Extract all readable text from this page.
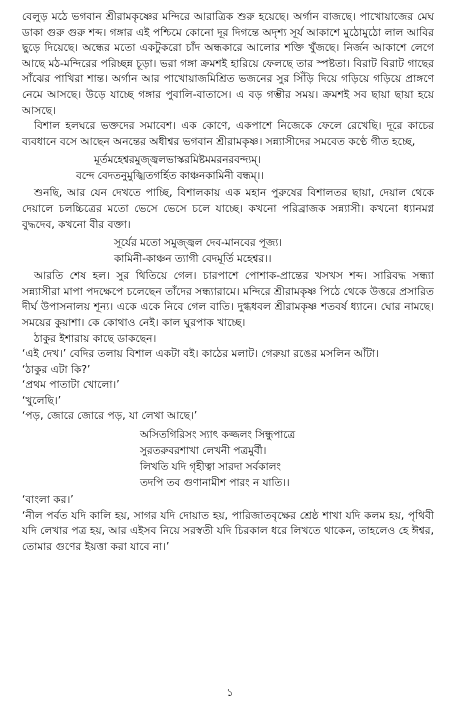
বেলুড় মঠে ভগবান শ্রীরামকৃষ্ণের মন্দিরে আরাত্রিক শুরু হয়েছে। অর্গান বাজছে। পাখোয়াজের মেঘ ডাকা গুরু গুরু শব্দ। গঙ্গার এই পশ্চিমে কোনো দূর দিগন্তে অদৃশ্য সূর্য আকাশে মুঠোমুঠো লাল আবির ছুড়ে দিয়েছে। অন্ধের মতো একটুকরো চাঁদ অন্ধকারে আলোর শক্তি খুঁজছে। নির্জন আকাশে লেগে আছে মঠ-মন্দিরের পরিচ্ছন্ন চূড়া। ভরা গঙ্গা ক্রমশই হারিয়ে ফেলছে তার স্পষ্টতা। বিরাট বিরাট গাছের সাঁঝের পাখিরা শান্ত। অর্গান আর পাখোয়াজমিশ্রিত ভজনের সুর সিঁড়ি দিয়ে গড়িয়ে গড়িয়ে প্রাঙ্গণে নেমে আসছে। উড়ে যাচ্ছে গঙ্গার পুবালি-বাতাসে। এ বড় গম্ভীর সময়। ক্রমশই সব ছায়া ছায়া হয়ে আসছে।

বিশাল হলঘরে ভক্তদের সমাবেশ। এক কোণে, একপাশে নিজেকে ফেলে রেখেছি। দূরে কাচের ব্যবধানে বসে আছেন অনন্তের অধীশ্বর ভগবান শ্রীরামকৃষ্ণ। সন্ন্যাসীদের সমবেত কণ্ঠে গীত হচ্ছে,

মূর্তমহেশ্বরমুজ্জ্বলভাস্করমিষ্টমমরনরবন্দ্যম্।
বন্দে বেদতনুমুজ্ঝিতগর্হিত কাঞ্চনকামিনী বন্ধম্।।

শুনছি, আর যেন দেখতে পাচ্ছি, বিশালকায় এক মহান পুরুষের বিশালতর ছায়া, দেয়াল থেকে দেয়ালে চলচ্চিত্রের মতো ভেসে ভেসে চলে যাচ্ছে। কখনো পরিব্রাজক সন্ন্যাসী। কখনো ধ্যানমগ্ন বুদ্ধদেব, কখনো বীর বক্তা।

সূর্যের মতো সমুজ্জ্বল দেব-মানবের পূজ্য।
কামিনী-কাঞ্চন ত্যাগী বেদমূর্তি মহেশ্বর।।

আরতি শেষ হল। সুর থিতিয়ে গেল। চারপাশে পোশাক-প্রান্তের খসখস শব্দ। সারিবদ্ধ সন্ধ্যা সন্ন্যাসীরা মাপা পদক্ষেপে চলেছেন তাঁদের সন্ধ্যারামে। মন্দিরে শ্রীরামকৃষ্ণ পিঠে থেকে উত্তরে প্রসারিত দীর্ঘ উপাসনালয় শূন্য। একে একে নিবে গেল বাতি। দুগ্ধধবল শ্রীরামকৃষ্ণ শতবর্ষ ধ্যানে। ঘোর নামছে। সময়ের কুয়াশা। কে কোথাও নেই। কাল ঘুরপাক খাচ্ছে।

ঠাকুর ইশারায় কাছে ডাকছেন।

‘এই দেখ।’ বেদির তলায় বিশাল একটা বই। কাঠের মলাট। গেরুয়া রঙের মসলিন আঁটা।

‘ঠাকুর এটা কি?’

‘প্রথম পাতাটা খোলো।’

‘খুলেছি।’

‘পড়, জোরে জোরে পড়, যা লেখা আছে।’

অসিতগিরিসং স্যাৎ কজ্জলং সিন্ধুপাত্রে
সুরতরুবরশাখা লেখনী পত্রমুর্বী।
লিখতি যদি গৃহীত্বা সারদা সর্বকালং
তদপি তব গুণানামীশ পারং ন যাতি।।

‘বাংলা কর।’

‘নীল পর্বত যদি কালি হয়, সাগর যদি দোয়াত হয়, পারিজাতবৃক্ষের শ্রেষ্ঠ শাখা যদি কলম হয়, পৃথিবী যদি লেখার পত্র হয়, আর এইসব নিয়ে সরস্বতী যদি চিরকাল ধরে লিখতে থাকেন, তাহলেও হে ঈশ্বর, তোমার গুণের ইয়ত্তা করা যাবে না।’

১
